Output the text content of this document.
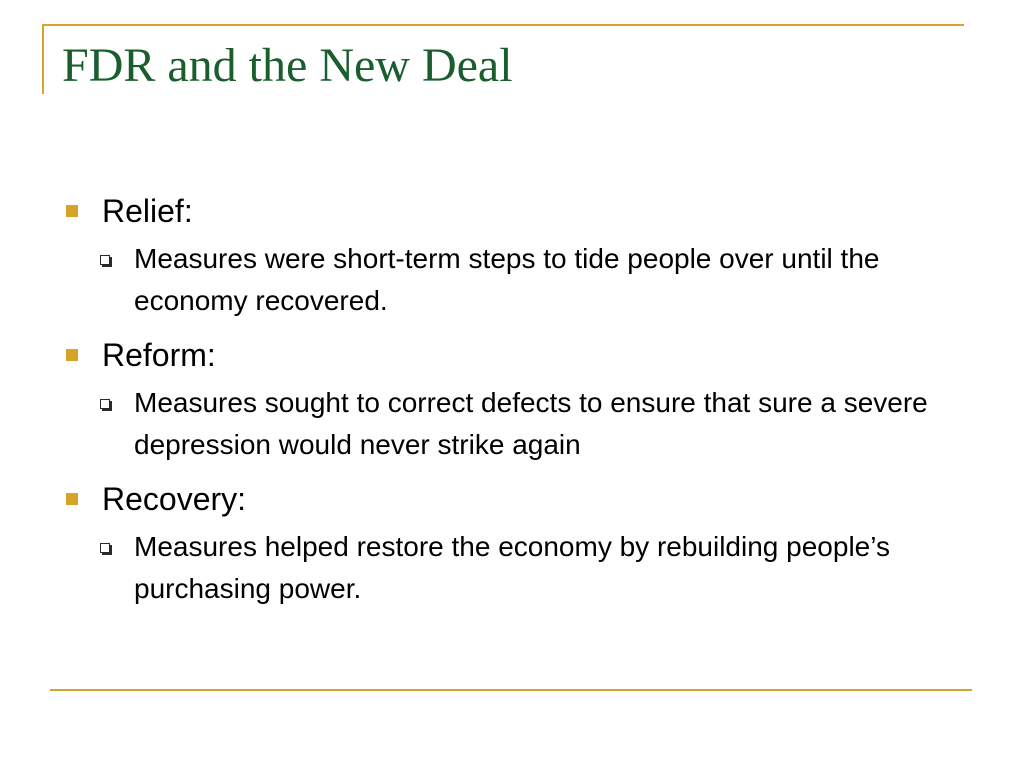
FDR and the New Deal
Relief:
Measures were short-term steps to tide people over until the economy recovered.
Reform:
Measures sought to correct defects to ensure that sure a severe depression would never strike again
Recovery:
Measures helped restore the economy by rebuilding people’s purchasing power.
